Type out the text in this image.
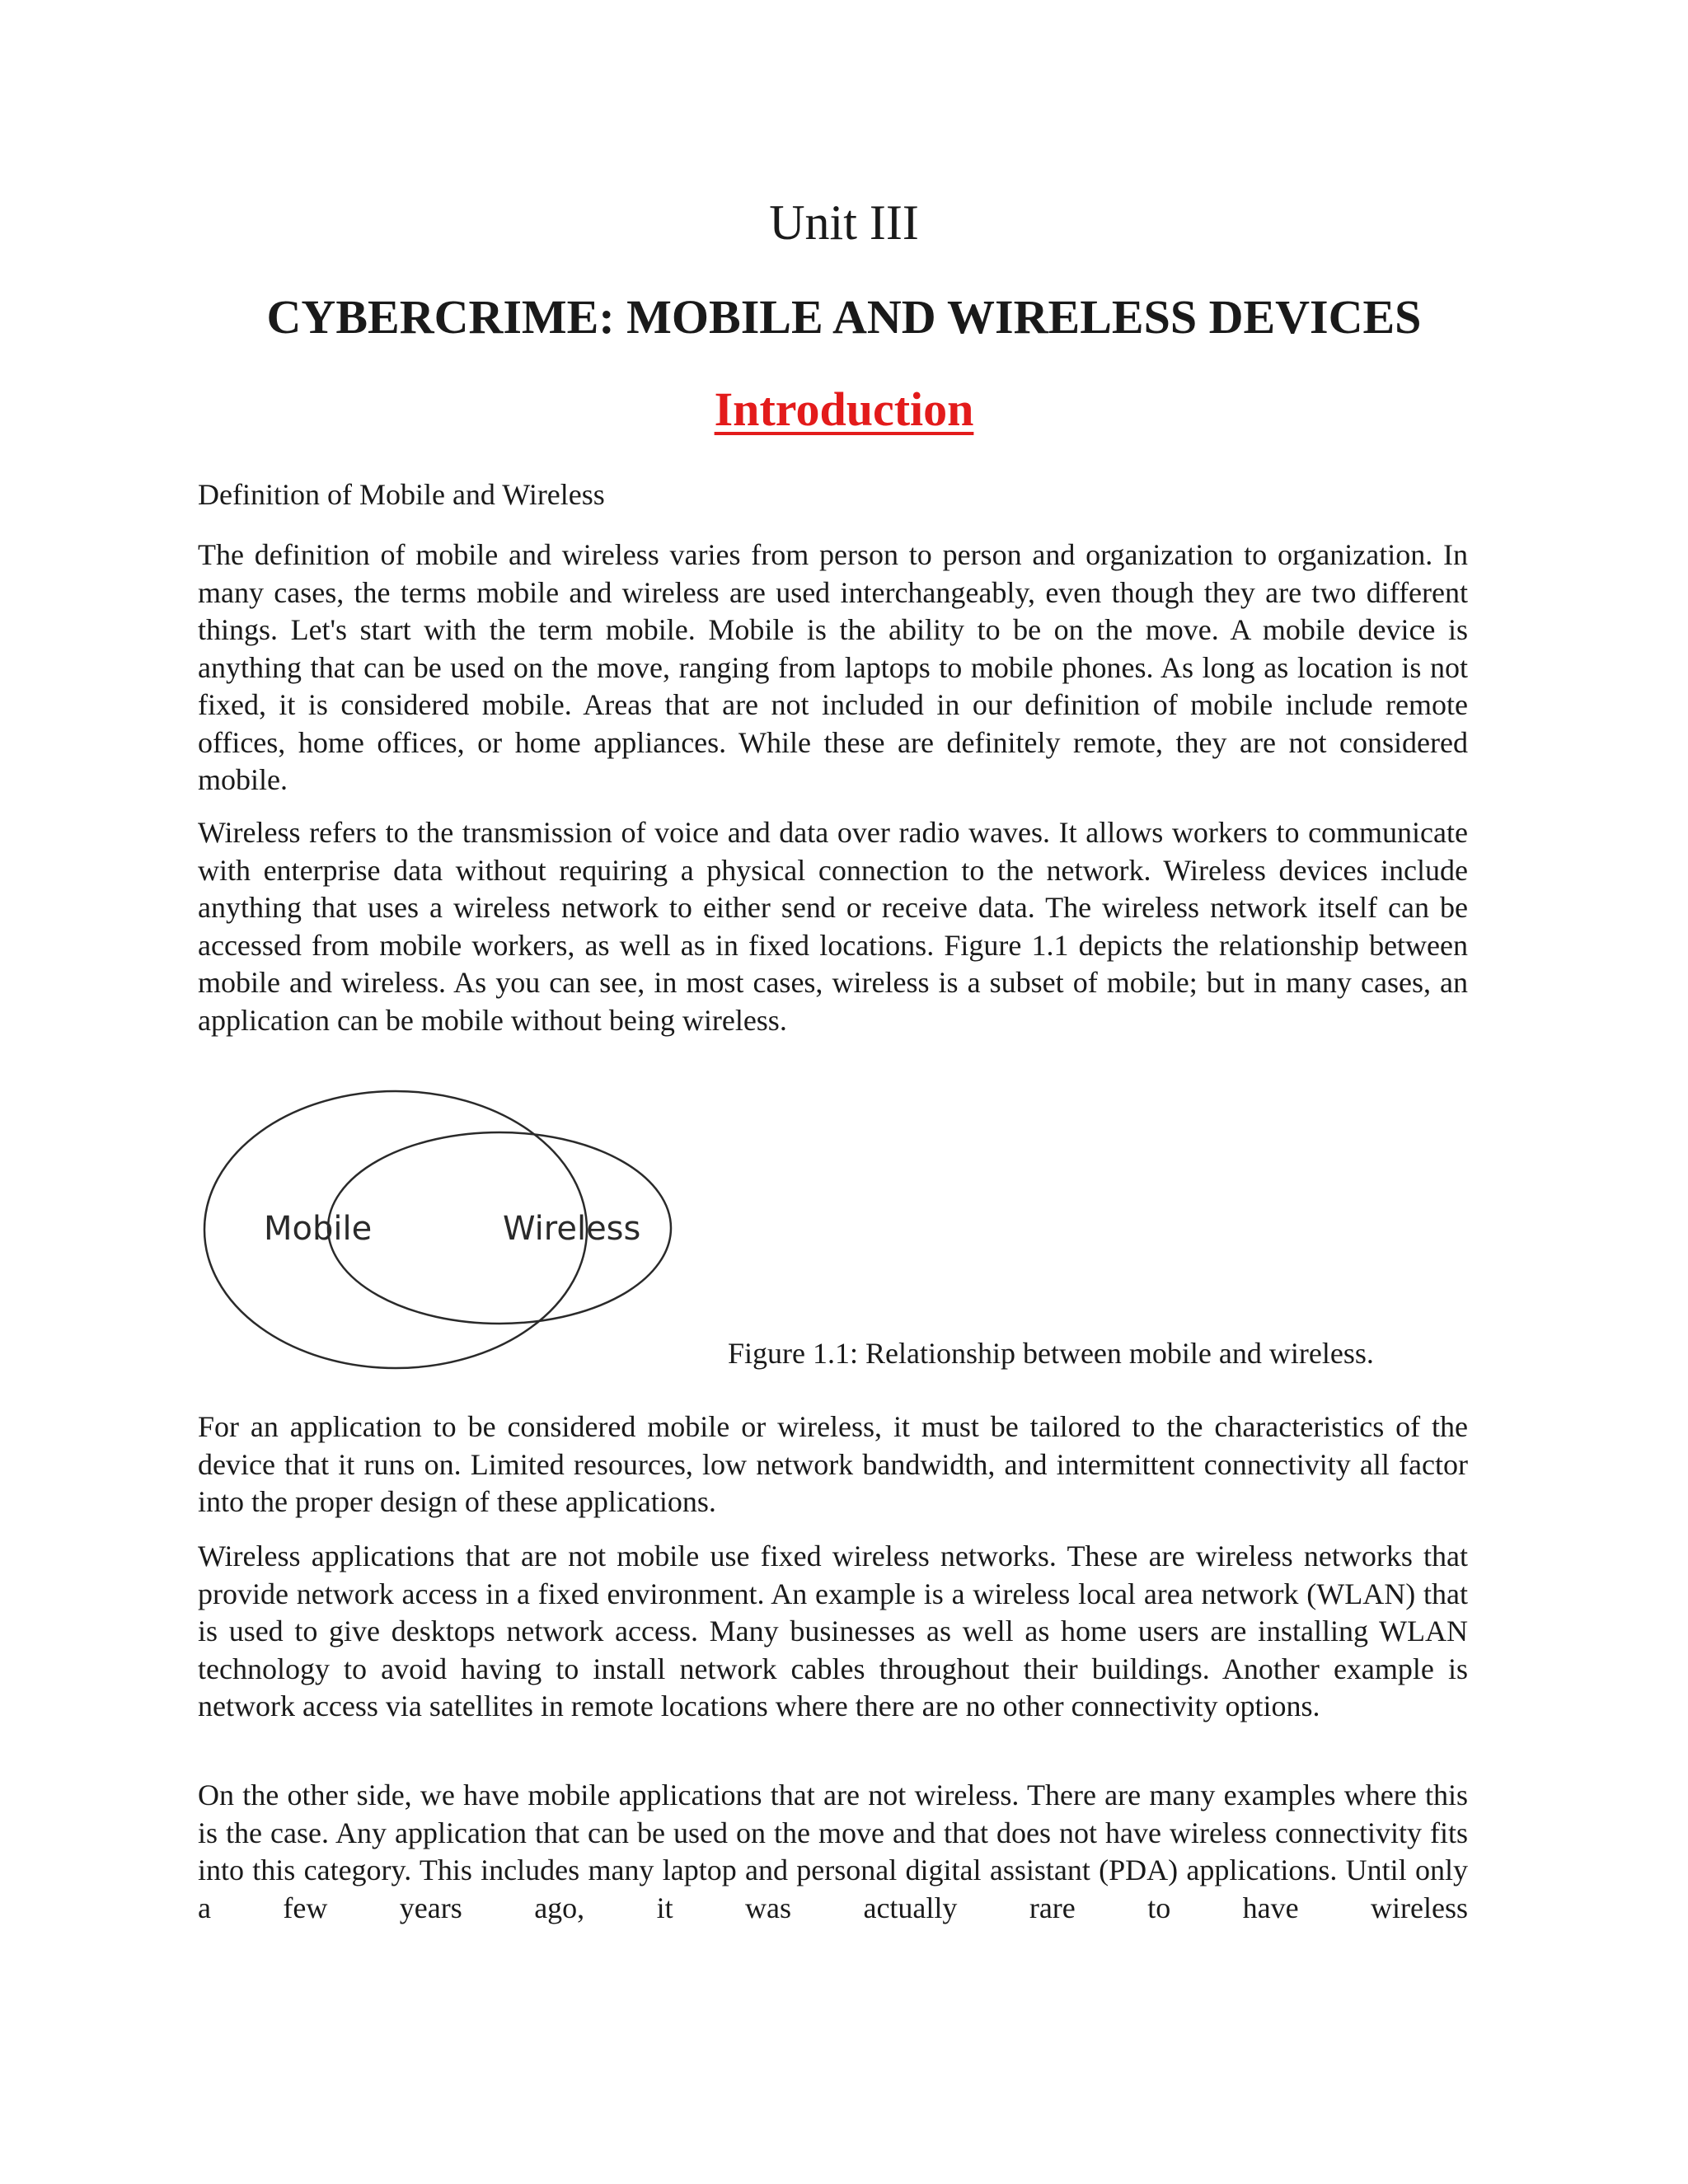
Unit III
CYBERCRIME: MOBILE AND WIRELESS DEVICES
Introduction

Definition of Mobile and Wireless

The definition of mobile and wireless varies from person to person and organization to organization. In many cases, the terms mobile and wireless are used interchangeably, even though they are two different things. Let's start with the term mobile. Mobile is the ability to be on the move. A mobile device is anything that can be used on the move, ranging from laptops to mobile phones. As long as location is not fixed, it is considered mobile. Areas that are not included in our definition of mobile include remote offices, home offices, or home appliances. While these are definitely remote, they are not considered mobile.

Wireless refers to the transmission of voice and data over radio waves. It allows workers to communicate with enterprise data without requiring a physical connection to the network. Wireless devices include anything that uses a wireless network to either send or receive data. The wireless network itself can be accessed from mobile workers, as well as in fixed locations. Figure 1.1 depicts the relationship between mobile and wireless. As you can see, in most cases, wireless is a subset of mobile; but in many cases, an application can be mobile without being wireless.

Mobile	Wireless
Figure 1.1: Relationship between mobile and wireless.

For an application to be considered mobile or wireless, it must be tailored to the characteristics of the device that it runs on. Limited resources, low network bandwidth, and intermittent connectivity all factor into the proper design of these applications.

Wireless applications that are not mobile use fixed wireless networks. These are wireless networks that provide network access in a fixed environment. An example is a wireless local area network (WLAN) that is used to give desktops network access. Many businesses as well as home users are installing WLAN technology to avoid having to install network cables throughout their buildings. Another example is network access via satellites in remote locations where there are no other connectivity options.

On the other side, we have mobile applications that are not wireless. There are many examples where this is the case. Any application that can be used on the move and that does not have wireless connectivity fits into this category. This includes many laptop and personal digital assistant (PDA) applications. Until only a few years ago, it was actually rare to have wireless
